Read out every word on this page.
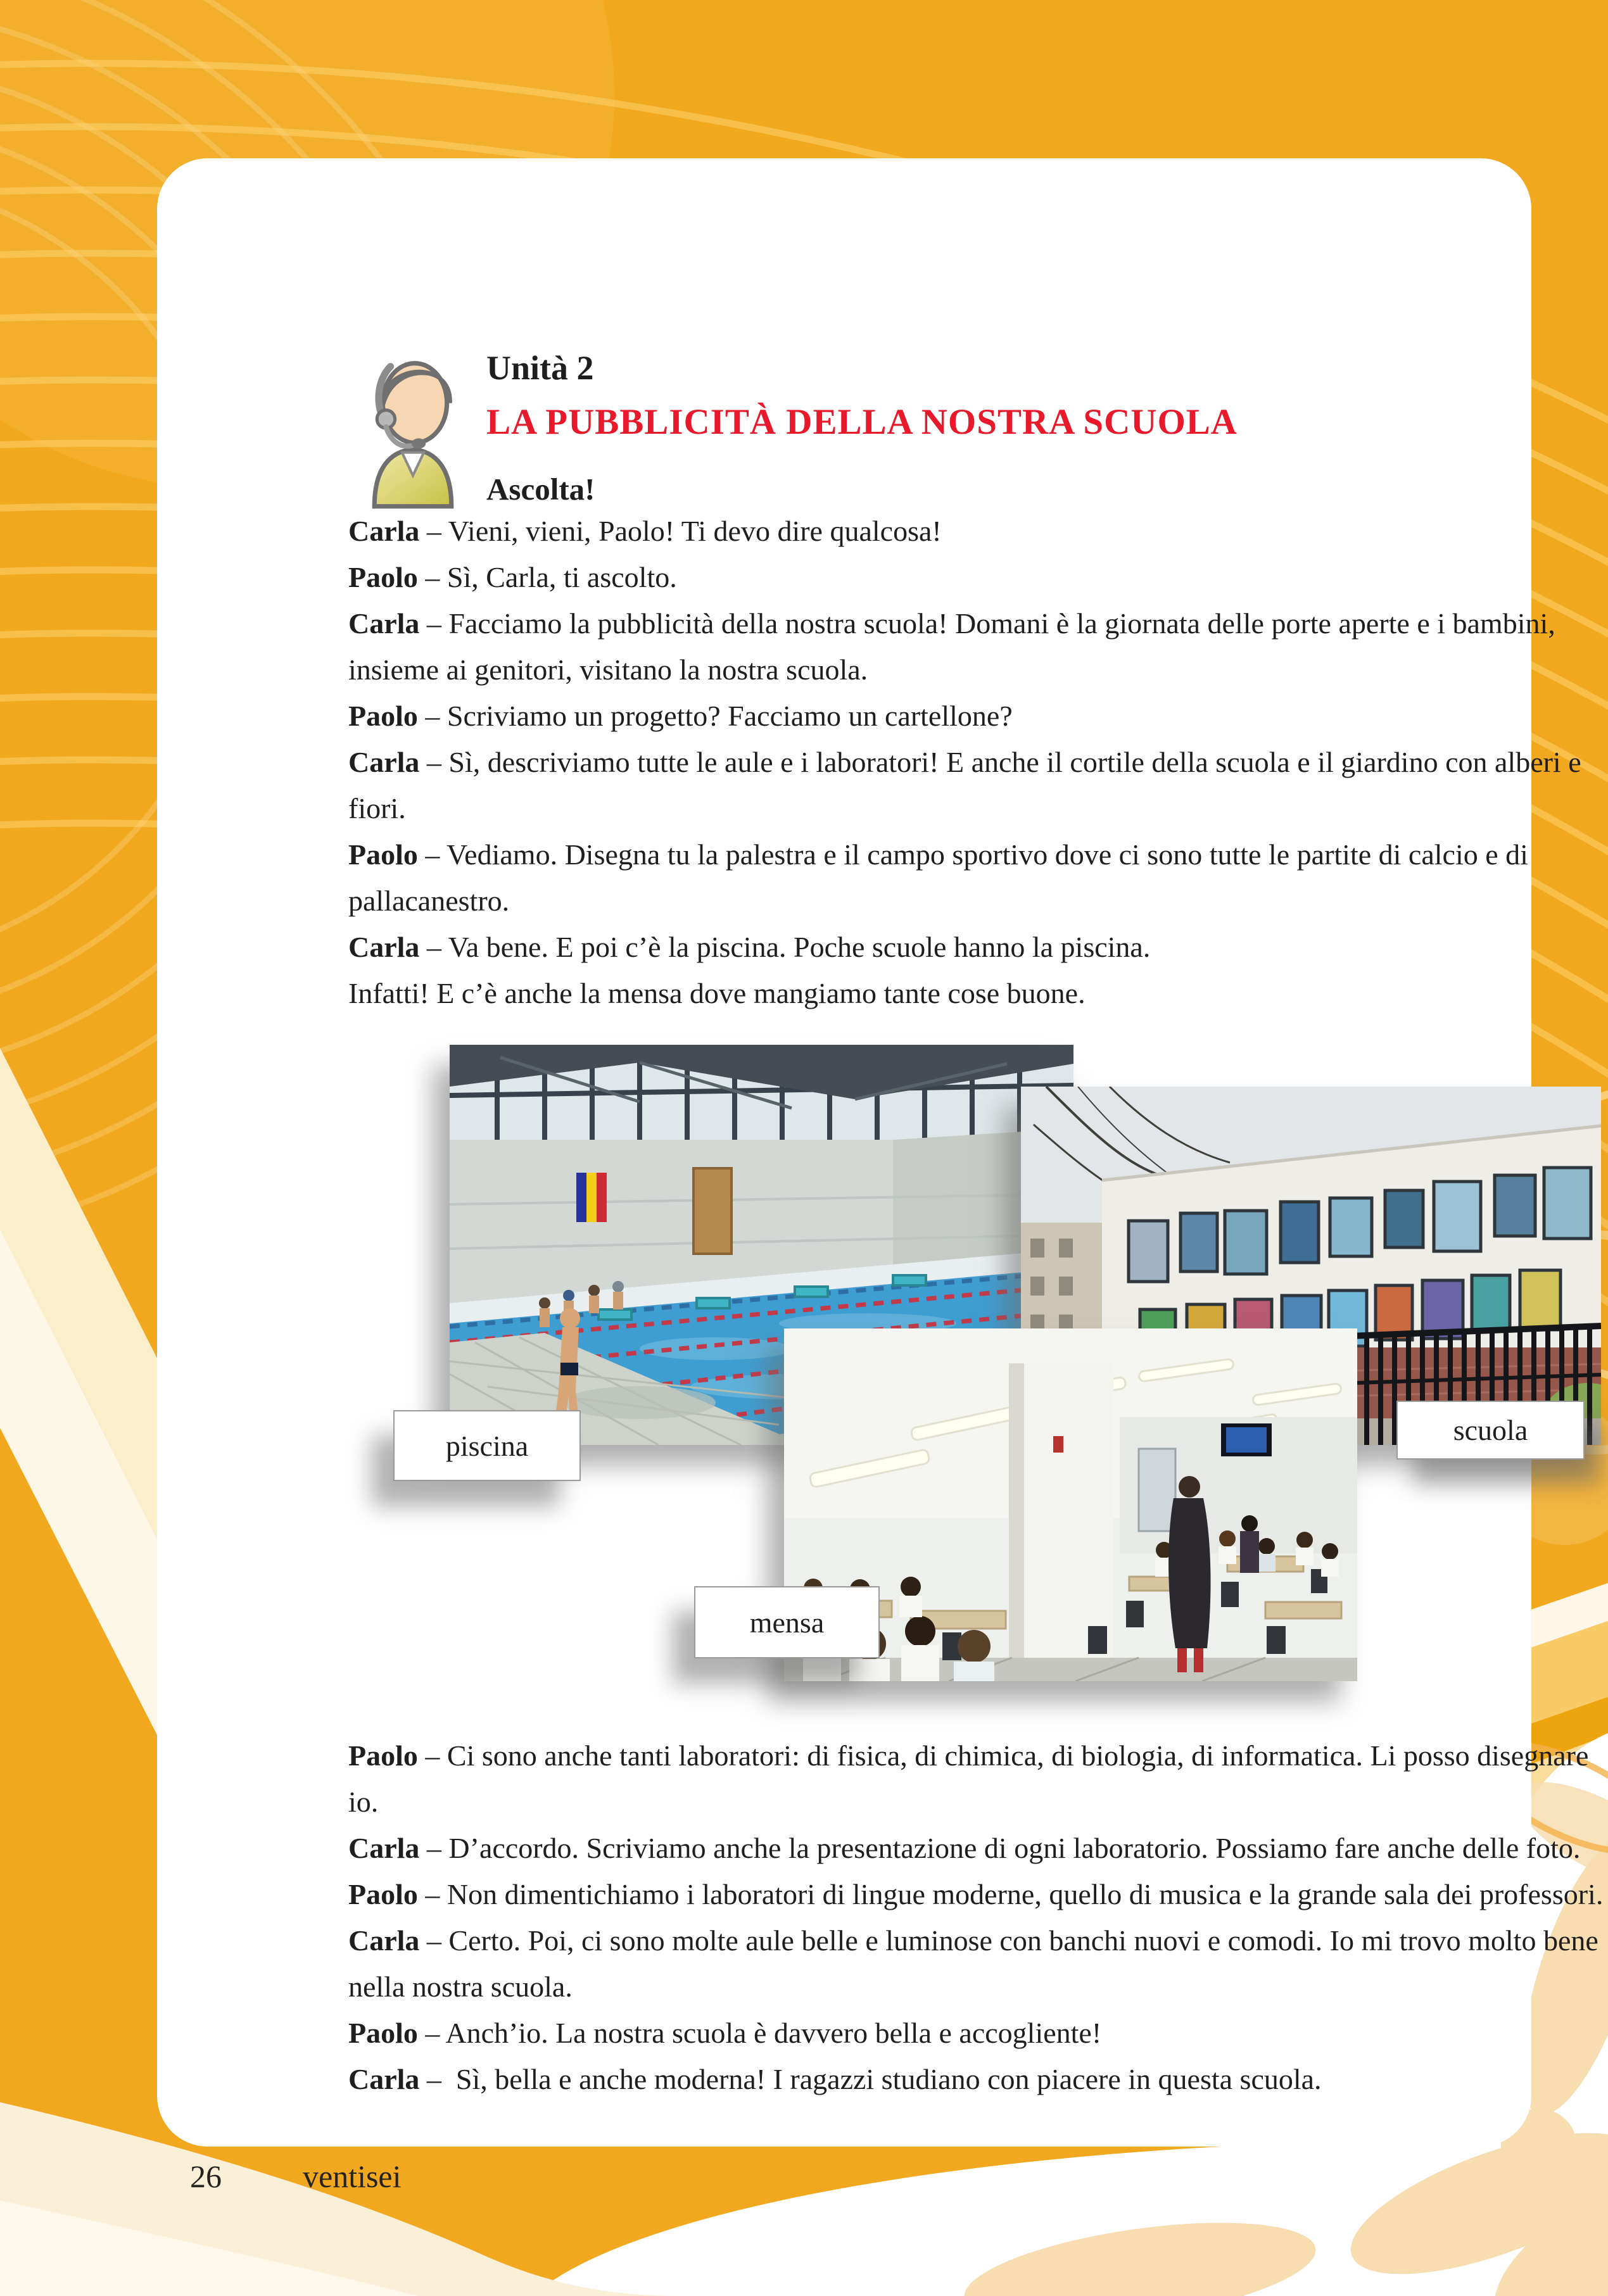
26	ventisei
Unità 2
LA PUBBLICITÀ DELLA NOSTRA SCUOLA
Ascolta!

Carla – Vieni, vieni, Paolo! Ti devo dire qualcosa!

Paolo – Sì, Carla, ti ascolto.

Carla – Facciamo la pubblicità della nostra scuola! Domani è la giornata delle porte aperte e i bambini, insieme ai genitori, visitano la nostra scuola.

Paolo – Scriviamo un progetto? Facciamo un cartellone?

Carla – Sì, descriviamo tutte le aule e i laboratori! E anche il cortile della scuola e il giardino con alberi e fiori.

Paolo – Vediamo. Disegna tu la palestra e il campo sportivo dove ci sono tutte le partite di calcio e di pallacanestro.

Carla – Va bene. E poi c’è la piscina. Poche scuole hanno la piscina.

Infatti! E c’è anche la mensa dove mangiamo tante cose buone.

piscina	scuola
mensa

Paolo – Ci sono anche tanti laboratori: di fisica, di chimica, di biologia, di informatica. Li posso disegnare io.

Carla – D’accordo. Scriviamo anche la presentazione di ogni laboratorio. Possiamo fare anche delle foto.

Paolo – Non dimentichiamo i laboratori di lingue moderne, quello di musica e la grande sala dei professori.

Carla – Certo. Poi, ci sono molte aule belle e luminose con banchi nuovi e comodi. Io mi trovo molto bene nella nostra scuola.

Paolo – Anch’io. La nostra scuola è davvero bella e accogliente!

Carla –  Sì, bella e anche moderna! I ragazzi studiano con piacere in questa scuola.
